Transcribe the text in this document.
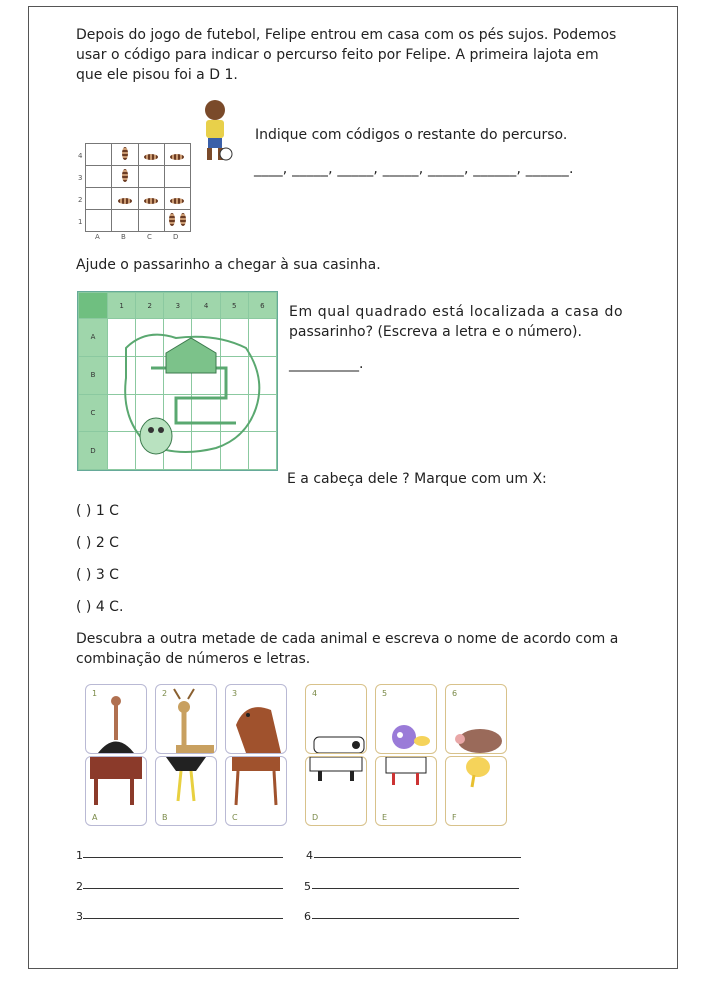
Depois do jogo de futebol, Felipe entrou em casa com os pés sujos. Podemos

usar o código para indicar o percurso feito por Felipe. A primeira lajota em

que ele pisou foi a D 1.

4
3
2
1
A	B	C	D

Indique com códigos o restante do percurso.

____, _____, _____, _____, _____, ______, ______.

Ajude o passarinho a chegar à sua casinha.

	1	2	3	4	5	6
A						
B						
C						
D						

Em qual quadrado está localizada a casa do

passarinho? (Escreva a letra e o número).

__________.

E a cabeça dele ? Marque com um X:

( ) 1 C

( ) 2 C

( ) 3 C

( ) 4 C.

Descubra a outra metade de cada animal e escreva o nome de acordo com a

combinação de números e letras.

1	2	3	4	5	6
A	B	C	D	E	F
1	4
2	5
3	6
